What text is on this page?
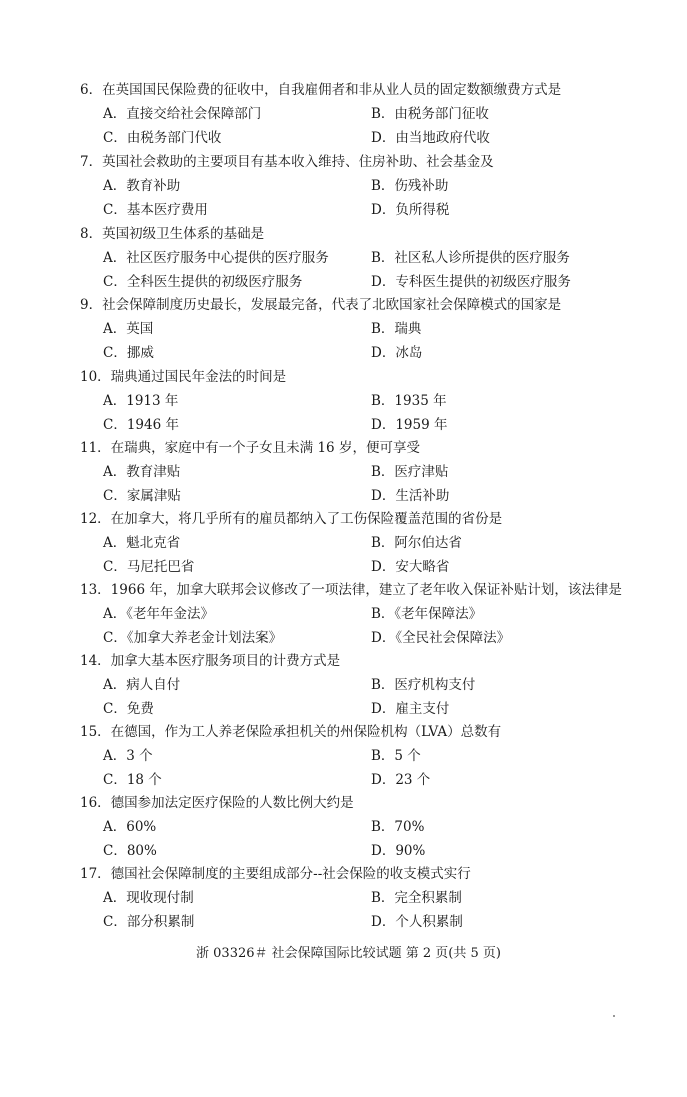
6．在英国国民保险费的征收中，自我雇佣者和非从业人员的固定数额缴费方式是
A．直接交给社会保障部门	B．由税务部门征收
C．由税务部门代收	D．由当地政府代收
7．英国社会救助的主要项目有基本收入维持、住房补助、社会基金及
A．教育补助	B．伤残补助
C．基本医疗费用	D．负所得税
8．英国初级卫生体系的基础是
A．社区医疗服务中心提供的医疗服务	B．社区私人诊所提供的医疗服务
C．全科医生提供的初级医疗服务	D．专科医生提供的初级医疗服务
9．社会保障制度历史最长，发展最完备，代表了北欧国家社会保障模式的国家是
A．英国	B．瑞典
C．挪威	D．冰岛
10．瑞典通过国民年金法的时间是
A．1913 年	B．1935 年
C．1946 年	D．1959 年
11．在瑞典，家庭中有一个子女且未满 16 岁，便可享受
A．教育津贴	B．医疗津贴
C．家属津贴	D．生活补助
12．在加拿大，将几乎所有的雇员都纳入了工伤保险覆盖范围的省份是
A．魁北克省	B．阿尔伯达省
C．马尼托巴省	D．安大略省
13．1966 年，加拿大联邦会议修改了一项法律，建立了老年收入保证补贴计划，该法律是
A．《老年年金法》	B．《老年保障法》
C．《加拿大养老金计划法案》	D．《全民社会保障法》
14．加拿大基本医疗服务项目的计费方式是
A．病人自付	B．医疗机构支付
C．免费	D．雇主支付
15．在德国，作为工人养老保险承担机关的州保险机构（LVA）总数有
A．3 个	B．5 个
C．18 个	D．23 个
16．德国参加法定医疗保险的人数比例大约是
A．60%	B．70%
C．80%	D．90%
17．德国社会保障制度的主要组成部分--社会保险的收支模式实行
A．现收现付制	B．完全积累制
C．部分积累制	D．个人积累制
浙 03326＃ 社会保障国际比较试题 第 2 页(共 5 页)
